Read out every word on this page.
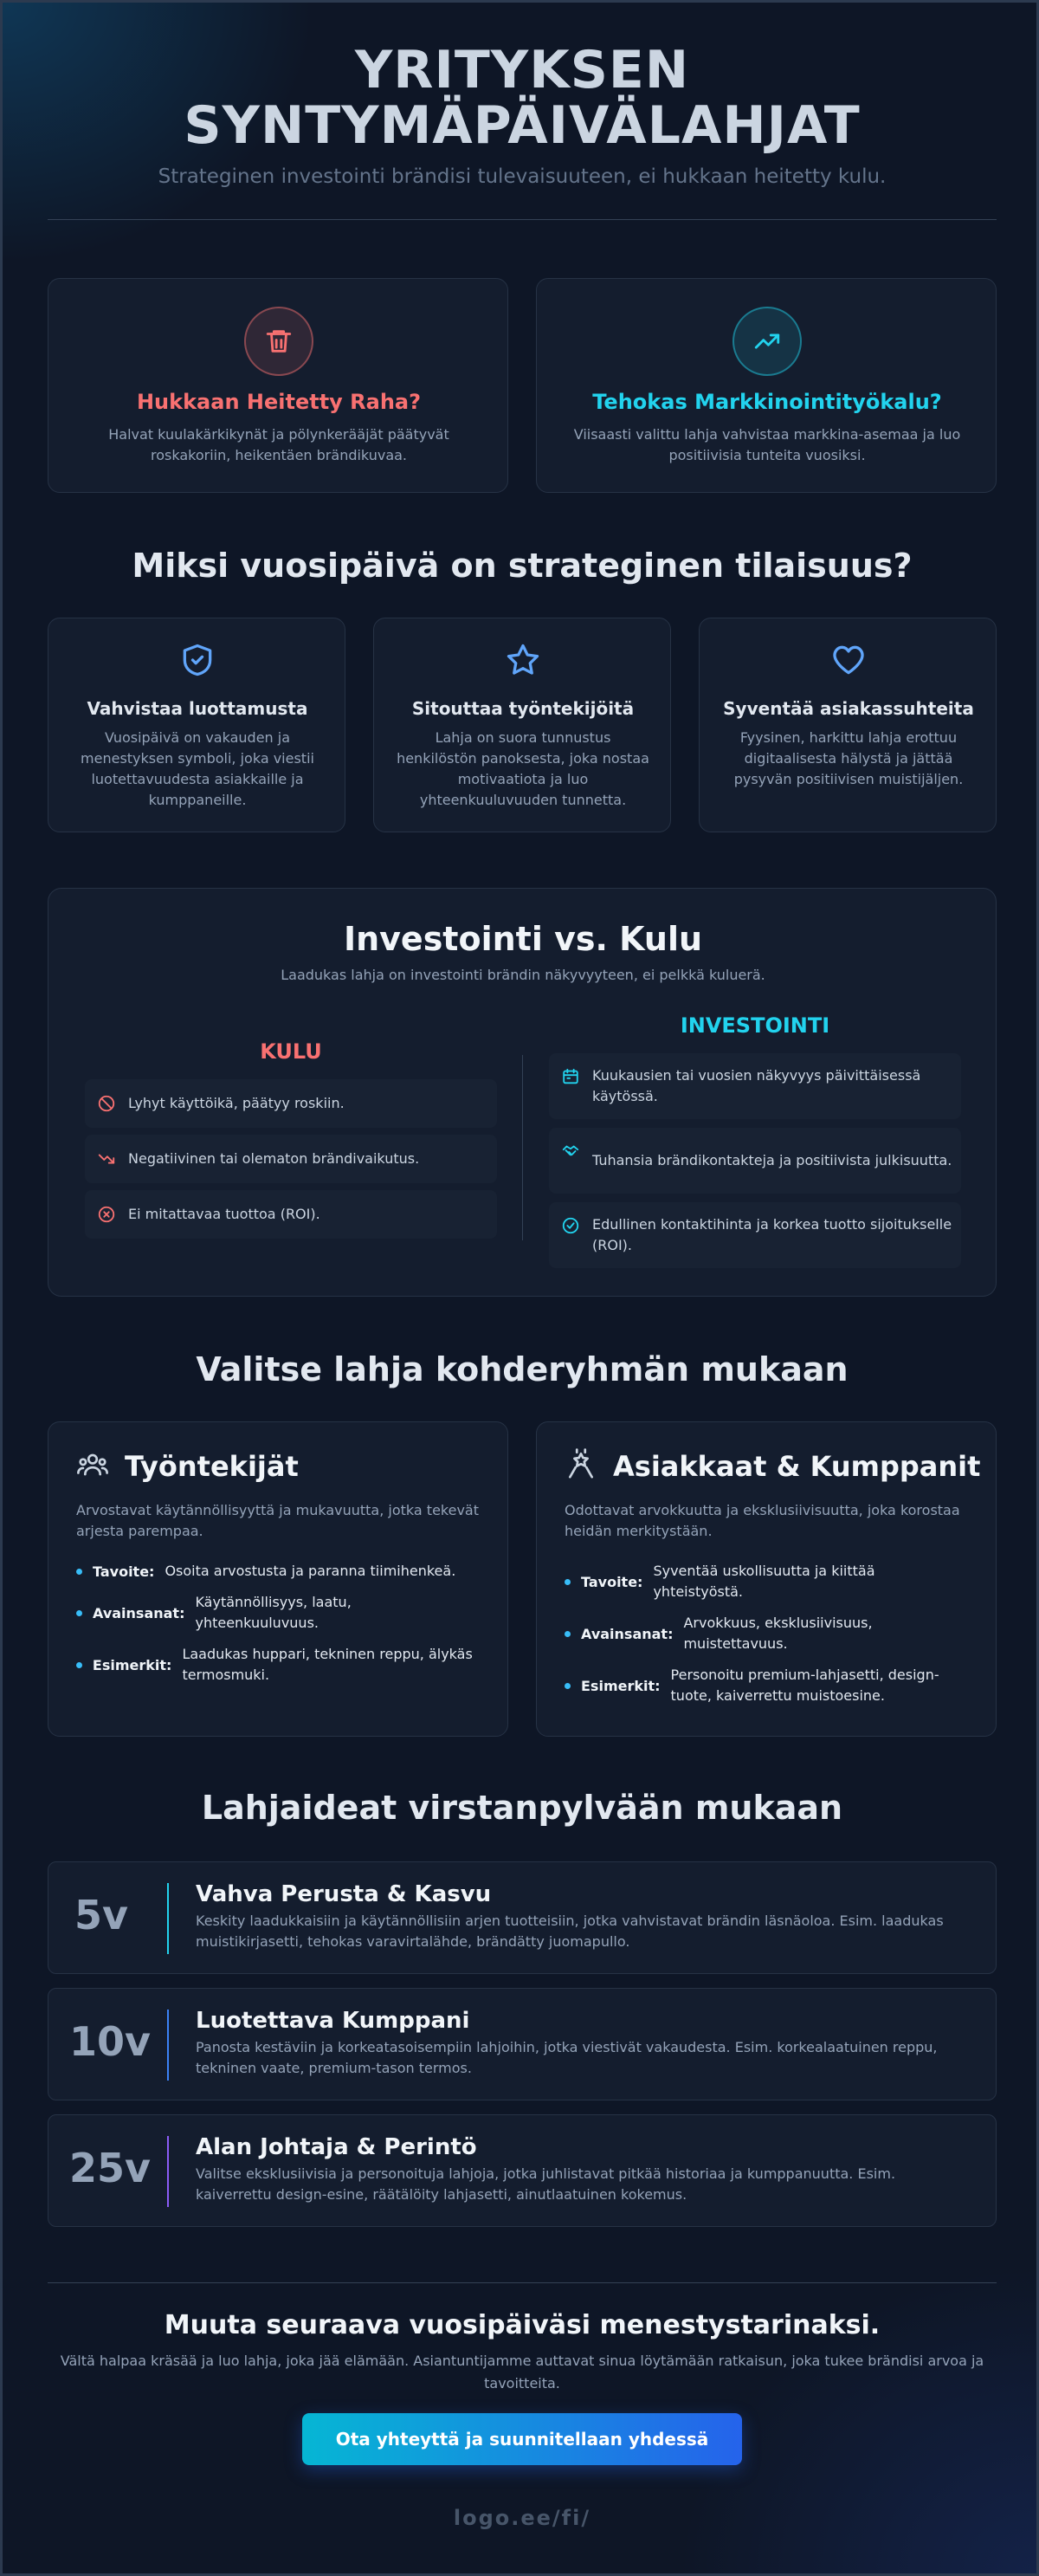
YRITYKSEN
SYNTYMÄPÄIVÄLAHJAT
Strateginen investointi brändisi tulevaisuuteen, ei hukkaan heitetty kulu.
Hukkaan Heitetty Raha?
Halvat kuulakärkikynät ja pölynkerääjät päätyvät roskakoriin, heikentäen brändikuvaa.
Tehokas Markkinointityökalu?
Viisaasti valittu lahja vahvistaa markkina-asemaa ja luo positiivisia tunteita vuosiksi.
Miksi vuosipäivä on strateginen tilaisuus?
Vahvistaa luottamusta
Vuosipäivä on vakauden ja menestyksen symboli, joka viestii luotettavuudesta asiakkaille ja kumppaneille.
Sitouttaa työntekijöitä
Lahja on suora tunnustus henkilöstön panoksesta, joka nostaa motivaatiota ja luo yhteenkuuluvuuden tunnetta.
Syventää asiakassuhteita
Fyysinen, harkittu lahja erottuu digitaalisesta hälystä ja jättää pysyvän positiivisen muistijäljen.
Investointi vs. Kulu
Laadukas lahja on investointi brändin näkyvyyteen, ei pelkkä kuluerä.
KULU
INVESTOINTI
Lyhyt käyttöikä, päätyy roskiin.
Negatiivinen tai olematon brändivaikutus.
Ei mitattavaa tuottoa (ROI).
Kuukausien tai vuosien näkyvyys päivittäisessä käytössä.
Tuhansia brändikontakteja ja positiivista julkisuutta.
Edullinen kontaktihinta ja korkea tuotto sijoitukselle (ROI).
Valitse lahja kohderyhmän mukaan
Työntekijät
Arvostavat käytännöllisyyttä ja mukavuutta, jotka tekevät arjesta parempaa.
Tavoite: Osoita arvostusta ja paranna tiimihenkeä.
Avainsanat:
Käytännöllisyys, laatu, yhteenkuuluvuus.
Esimerkit:
Laadukas huppari, tekninen reppu, älykäs termosmuki.
Asiakkaat & Kumppanit
Odottavat arvokkuutta ja eksklusiivisuutta, joka korostaa heidän merkitystään.
Tavoite:
Syventää uskollisuutta ja kiittää yhteistyöstä.
Avainsanat:
Arvokkuus, eksklusiivisuus, muistettavuus.
Esimerkit:
Personoitu premium-lahjasetti, design-tuote, kaiverrettu muistoesine.
Lahjaideat virstanpylvään mukaan
5v	Vahva Perusta & Kasvu
Keskity laadukkaisiin ja käytännöllisiin arjen tuotteisiin, jotka vahvistavat brändin läsnäoloa. Esim. laadukas muistikirjasetti, tehokas varavirtalähde, brändätty juomapullo.
10v	Luotettava Kumppani
Panosta kestäviin ja korkeatasoisempiin lahjoihin, jotka viestivät vakaudesta. Esim. korkealaatuinen reppu, tekninen vaate, premium-tason termos.
25v	Alan Johtaja & Perintö
Valitse eksklusiivisia ja personoituja lahjoja, jotka juhlistavat pitkää historiaa ja kumppanuutta. Esim. kaiverrettu design-esine, räätälöity lahjasetti, ainutlaatuinen kokemus.
Muuta seuraava vuosipäiväsi menestystarinaksi.
Vältä halpaa kräsää ja luo lahja, joka jää elämään. Asiantuntijamme auttavat sinua löytämään ratkaisun, joka tukee brändisi arvoa ja tavoitteita.
Ota yhteyttä ja suunnitellaan yhdessä
logo.ee/fi/
